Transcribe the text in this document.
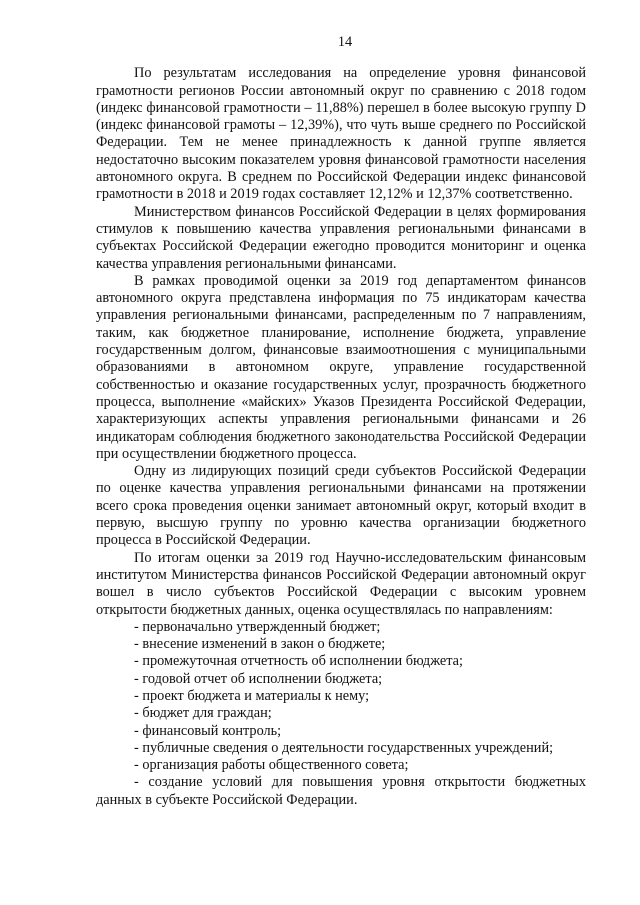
14

По результатам исследования на определение уровня финансовой грамотности регионов России автономный округ по сравнению с 2018 годом (индекс финансовой грамотности – 11,88%) перешел в более высокую группу D (индекс финансовой грамоты – 12,39%), что чуть выше среднего по Российской Федерации. Тем не менее принадлежность к данной группе является недостаточно высоким показателем уровня финансовой грамотности населения автономного округа. В среднем по Российской Федерации индекс финансовой грамотности в 2018 и 2019 годах составляет 12,12% и 12,37% соответственно.

Министерством финансов Российской Федерации в целях формирования стимулов к повышению качества управления региональными финансами в субъектах Российской Федерации ежегодно проводится мониторинг и оценка качества управления региональными финансами.

В рамках проводимой оценки за 2019 год департаментом финансов автономного округа представлена информация по 75 индикаторам качества управления региональными финансами, распределенным по 7 направлениям, таким, как бюджетное планирование, исполнение бюджета, управление государственным долгом, финансовые взаимоотношения с муниципальными образованиями в автономном округе, управление государственной собственностью и оказание государственных услуг, прозрачность бюджетного процесса, выполнение «майских» Указов Президента Российской Федерации, характеризующих аспекты управления региональными финансами и 26 индикаторам соблюдения бюджетного законодательства Российской Федерации при осуществлении бюджетного процесса.

Одну из лидирующих позиций среди субъектов Российской Федерации по оценке качества управления региональными финансами на протяжении всего срока проведения оценки занимает автономный округ, который входит в первую, высшую группу по уровню качества организации бюджетного процесса в Российской Федерации.

По итогам оценки за 2019 год Научно-исследовательским финансовым институтом Министерства финансов Российской Федерации автономный округ вошел в число субъектов Российской Федерации с высоким уровнем открытости бюджетных данных, оценка осуществлялась по направлениям:

- первоначально утвержденный бюджет;
- внесение изменений в закон о бюджете;
- промежуточная отчетность об исполнении бюджета;
- годовой отчет об исполнении бюджета;
- проект бюджета и материалы к нему;
- бюджет для граждан;
- финансовый контроль;
- публичные сведения о деятельности государственных учреждений;
- организация работы общественного совета;
- создание условий для повышения уровня открытости бюджетных данных в субъекте Российской Федерации.
